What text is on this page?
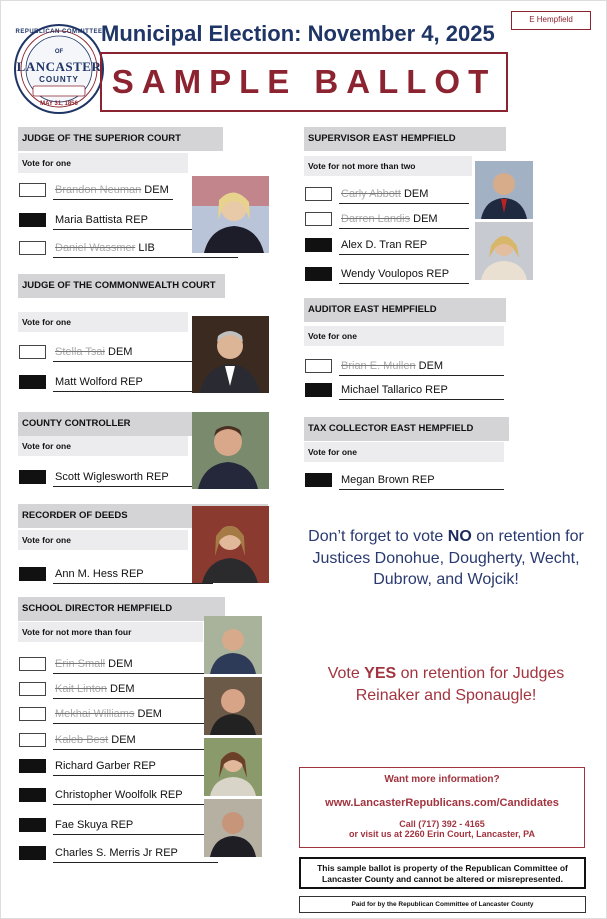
REPUBLICAN COMMITTEE
OF
LANCASTER
COUNTY
MAY 31, 1856
Municipal Election: November 4, 2025
E Hempfield
SAMPLE BALLOT
JUDGE OF THE SUPERIOR COURT
Vote for one
Brandon Neuman DEM
Maria Battista REP
Daniel Wassmer LIB
JUDGE OF THE COMMONWEALTH COURT
Vote for one
Stella Tsai DEM
Matt Wolford REP
COUNTY CONTROLLER
Vote for one
Scott Wiglesworth REP
RECORDER OF DEEDS
Vote for one
Ann M. Hess REP
SCHOOL DIRECTOR HEMPFIELD
Vote for not more than four
Erin Small DEM
Kait Linton DEM
Mekhai Williams DEM
Kaleb Best DEM
Richard Garber REP
Christopher Woolfolk REP
Fae Skuya REP
Charles S. Merris Jr REP
SUPERVISOR EAST HEMPFIELD
Vote for not more than two
Carly Abbott DEM
Darren Landis DEM
Alex D. Tran REP
Wendy Voulopos REP
AUDITOR EAST HEMPFIELD
Vote for one
Brian E. Mullen DEM
Michael Tallarico REP
TAX COLLECTOR EAST HEMPFIELD
Vote for one
Megan Brown REP
Don’t forget to vote NO on retention for Justices Donohue, Dougherty, Wecht, Dubrow, and Wojcik!
Vote YES on retention for Judges Reinaker and Sponaugle!
Want more information?
www.LancasterRepublicans.com/Candidates
Call (717) 392 - 4165
or visit us at 2260 Erin Court, Lancaster, PA
This sample ballot is property of the Republican Committee of Lancaster County and cannot be altered or misrepresented.
Paid for by the Republican Committee of Lancaster County
